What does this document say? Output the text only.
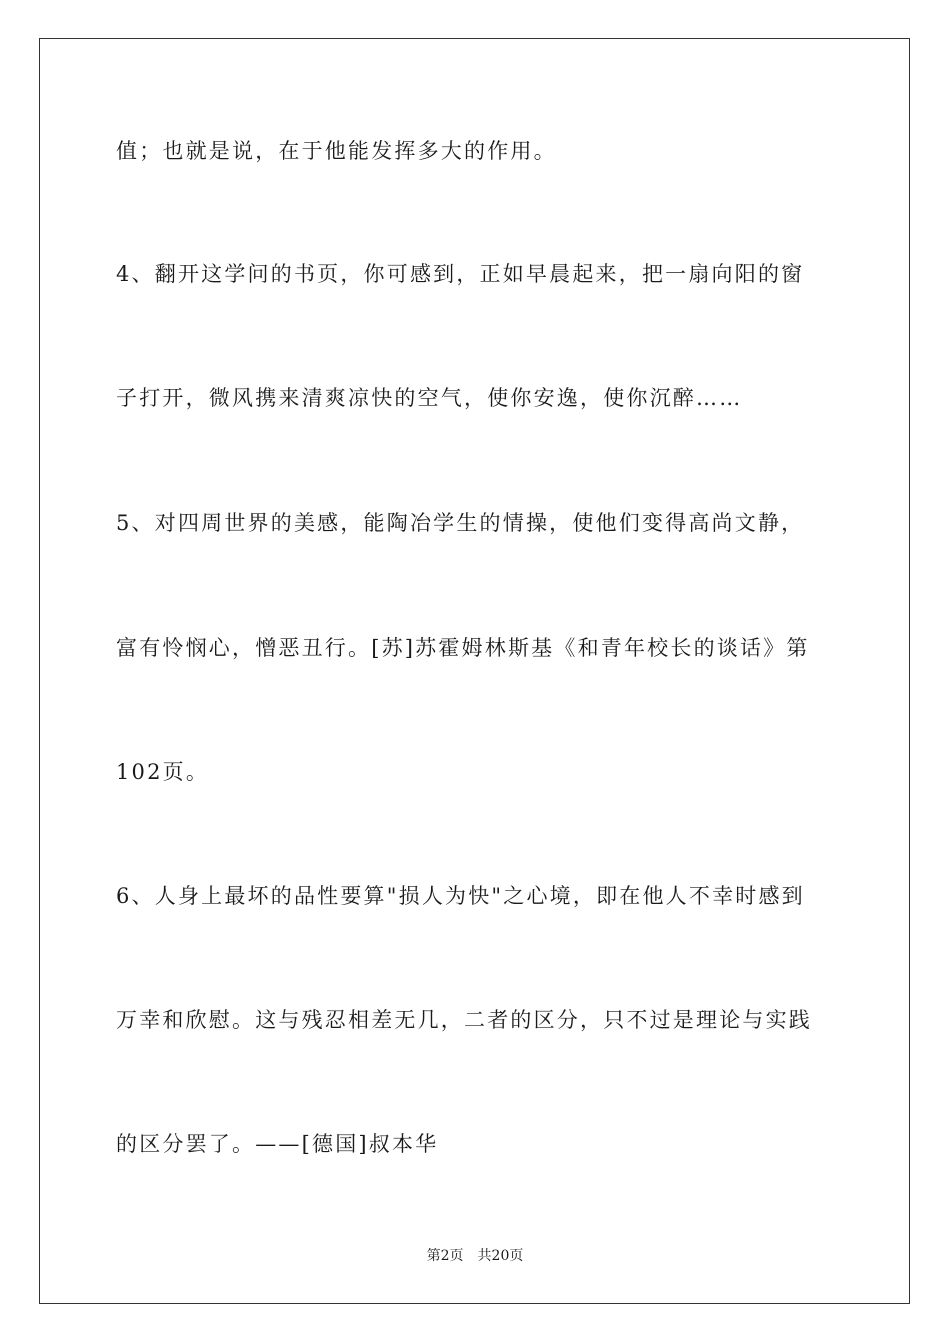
值；也就是说，在于他能发挥多大的作用。
4、翻开这学问的书页，你可感到，正如早晨起来，把一扇向阳的窗
子打开，微风携来清爽凉快的空气，使你安逸，使你沉醉……
5、对四周世界的美感，能陶冶学生的情操，使他们变得高尚文静，
富有怜悯心，憎恶丑行。[苏]苏霍姆林斯基《和青年校长的谈话》第
102页。
6、人身上最坏的品性要算"损人为快"之心境，即在他人不幸时感到
万幸和欣慰。这与残忍相差无几，二者的区分，只不过是理论与实践
的区分罢了。——[德国]叔本华
第2页 共20页
